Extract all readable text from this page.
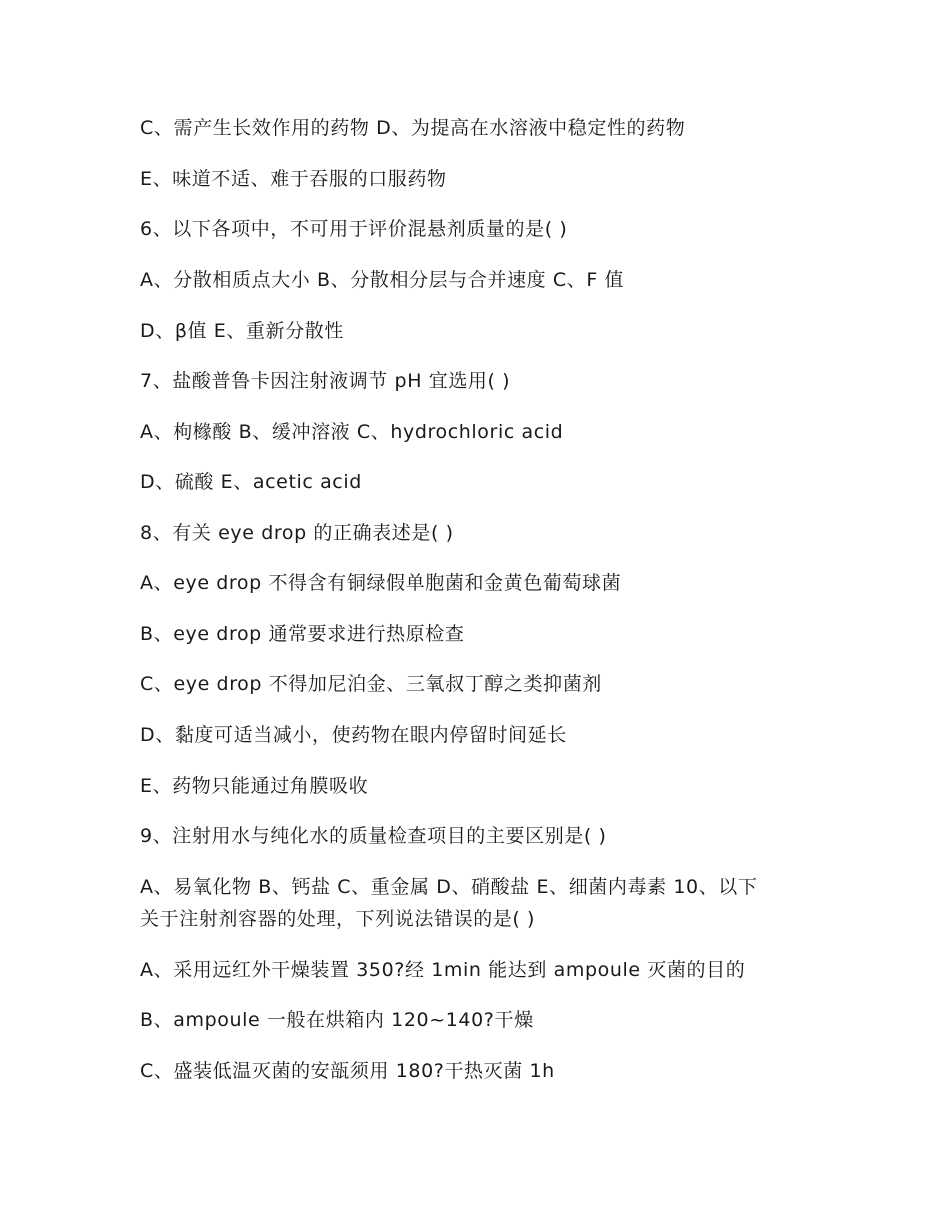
C、需产生长效作用的药物 D、为提高在水溶液中稳定性的药物
E、味道不适、难于吞服的口服药物
6、以下各项中，不可用于评价混悬剂质量的是( )
A、分散相质点大小 B、分散相分层与合并速度 C、F 值
D、β值 E、重新分散性
7、盐酸普鲁卡因注射液调节 pH 宜选用( )
A、枸橼酸 B、缓冲溶液 C、hydrochloric acid
D、硫酸 E、acetic acid
8、有关 eye drop 的正确表述是( )
A、eye drop 不得含有铜绿假单胞菌和金黄色葡萄球菌
B、eye drop 通常要求进行热原检查
C、eye drop 不得加尼泊金、三氧叔丁醇之类抑菌剂
D、黏度可适当减小，使药物在眼内停留时间延长
E、药物只能通过角膜吸收
9、注射用水与纯化水的质量检查项目的主要区别是( )
A、易氧化物 B、钙盐 C、重金属 D、硝酸盐 E、细菌内毒素 10、以下
关于注射剂容器的处理，下列说法错误的是( )
A、采用远红外干燥装置 350?经 1min 能达到 ampoule 灭菌的目的
B、ampoule 一般在烘箱内 120~140?干燥
C、盛装低温灭菌的安瓿须用 180?干热灭菌 1h
